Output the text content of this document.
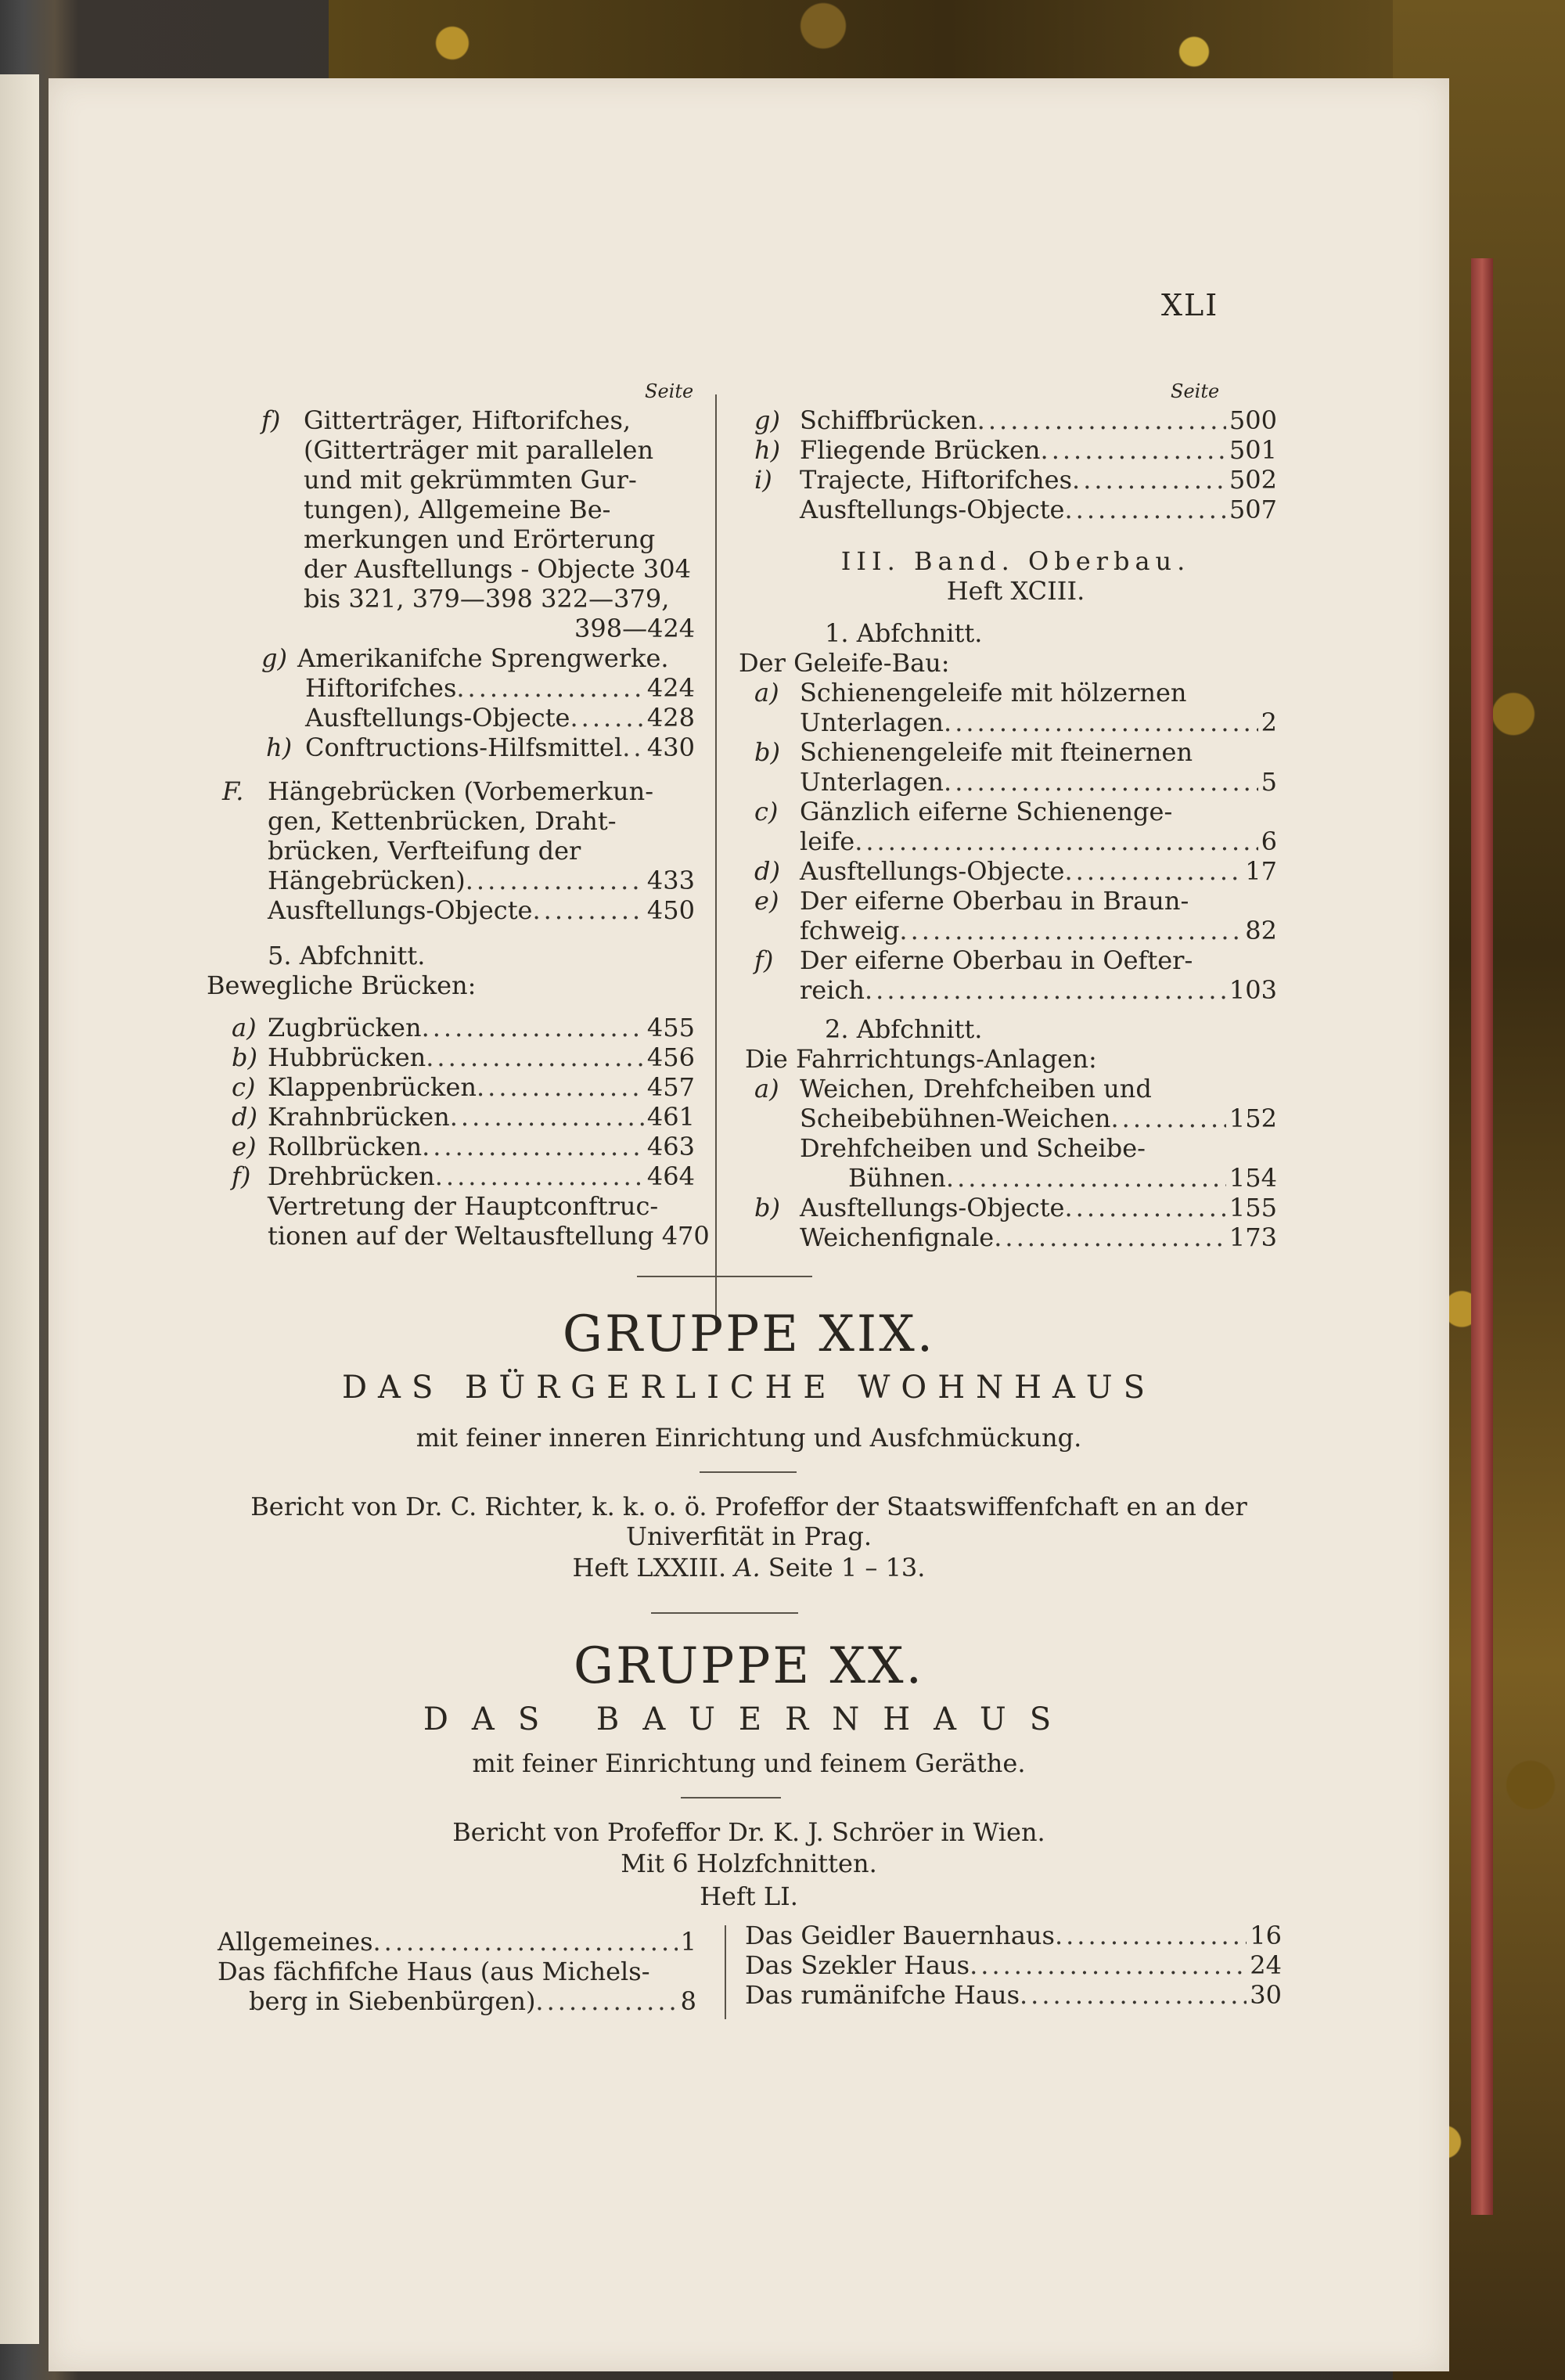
XLI
Seite
f) Gitterträger, Hiftorifches,
(Gitterträger mit parallelen
und mit gekrümmten Gur-
tungen), Allgemeine Be-
merkungen und Erörterung
der Ausftellungs - Objecte 304
bis 321, 379—398 322—379,
398—424
g) Amerikanifche Sprengwerke.
Hiftorifches .....	424
Ausftellungs-Objecte .....	428
h) Conftructions-Hilfsmittel ..... 430
F. Hängebrücken (Vorbemerkun-
gen, Kettenbrücken, Draht-
brücken, Verfteifung der
Hängebrücken) .....	433
Ausftellungs-Objecte .....	450
5. Abfchnitt.
Bewegliche Brücken:
a) Zugbrücken .....	455
b) Hubbrücken .....	456
c) Klappenbrücken .....	457
d) Krahnbrücken .....	461
e) Rollbrücken .....	463
f) Drehbrücken .....	464
Vertretung der Hauptconftruc-
tionen auf der Weltausftellung 470
Seite
g) Schiffbrücken .....	500
h) Fliegende Brücken .....	501
i)	Trajecte, Hiftorifches .....	502
Ausftellungs-Objecte .....	507
III. Band. Oberbau.
Heft XCIII.
1. Abfchnitt.
Der Geleife-Bau:
a) Schienengeleife mit hölzernen
Unterlagen .....	2
b) Schienengeleife mit fteinernen
Unterlagen .....	5
c) Gänzlich eiferne Schienenge-
leife .....	6
d) Ausftellungs-Objecte .....	17
e) Der eiferne Oberbau in Braun-
fchweig .....	82
f)	Der eiferne Oberbau in Oefter-
reich .....	103
2. Abfchnitt.
Die Fahrrichtungs-Anlagen:
a) Weichen, Drehfcheiben und
Scheibebühnen-Weichen .....	152
Drehfcheiben und Scheibe-
Bühnen .....	154
b) Ausftellungs-Objecte .....	155
Weichenfignale .....	173
GRUPPE XIX.
DAS BÜRGERLICHE WOHNHAUS
mit feiner inneren Einrichtung und Ausfchmückung.
Bericht von Dr. C. Richter, k. k. o. ö. Profeffor der Staatswiffenfchaft en an der
Univerfität in Prag.
Heft LXXIII. A. Seite 1 – 13.
GRUPPE XX.
DAS BAUERNHAUS
mit feiner Einrichtung und feinem Geräthe.
Bericht von Profeffor Dr. K. J. Schröer in Wien.
Mit 6 Holzfchnitten.
Heft LI.
Allgemeines .....	1
Das fächfifche Haus (aus Michels-
berg in Siebenbürgen) .....	8
Das Geidler Bauernhaus .....	16
Das Szekler Haus .....	24
Das rumänifche Haus .....	30
